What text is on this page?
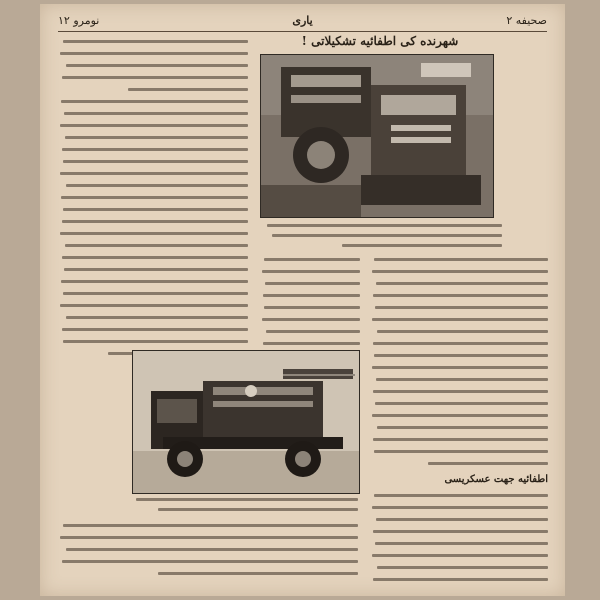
نومرو ۱۲	یاری	صحیفه ۲
شهرنده کی اطفائیه تشکیلاتی !
اطفائیه جهت عسکریسی
